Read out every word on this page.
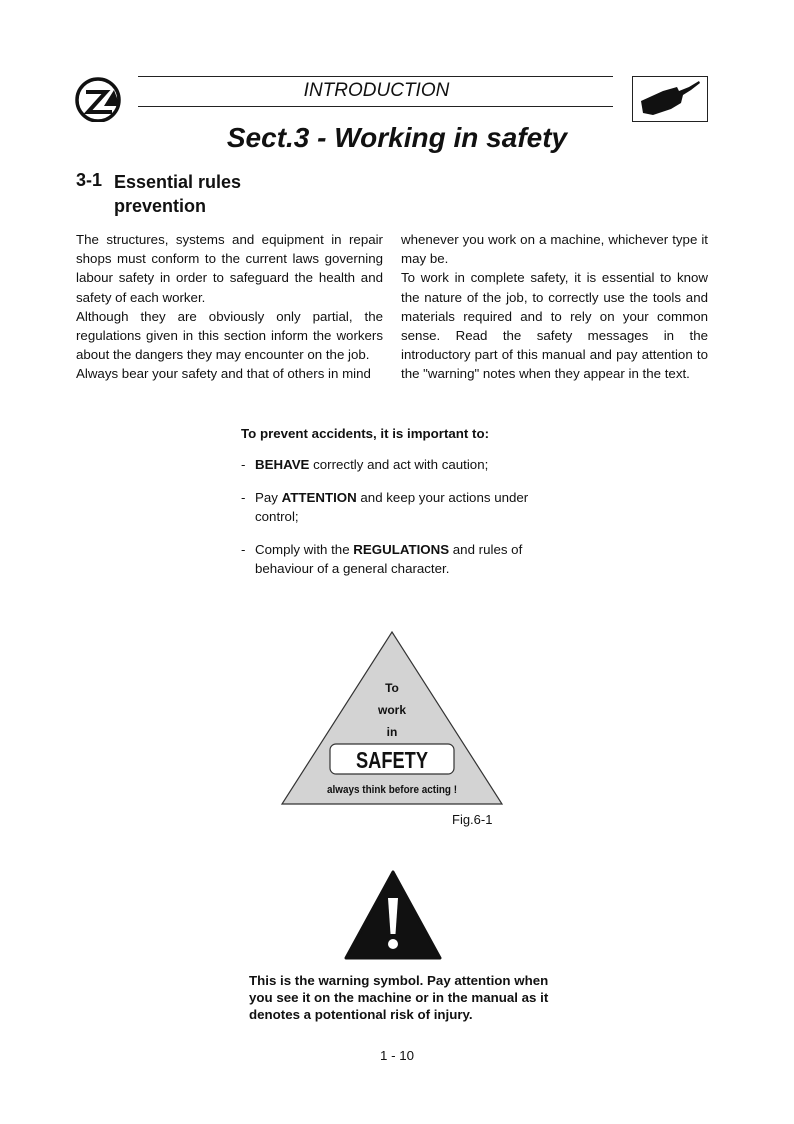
INTRODUCTION
Sect.3 - Working in safety
3-1 Essential rules
prevention

The structures, systems and equipment in repair shops must conform to the current laws governing labour safety in order to safeguard the health and safety of each worker.

Although they are obviously only partial, the regulations given in this section inform the workers about the dangers they may encounter on the job.

Always bear your safety and that of others in mind

whenever you work on a machine, whichever type it may be.

To work in complete safety, it is essential to know the nature of the job, to correctly use the tools and materials required and to rely on your common sense. Read the safety messages in the introductory part of this manual and pay attention to the "warning" notes when they appear in the text.

To prevent accidents, it is important to:

- BEHAVE correctly and act with caution;
- Pay ATTENTION and keep your actions under control;
- Comply with the REGULATIONS and rules of behaviour of a general character.
To
work
in
SAFETY
always think before acting !
Fig.6-1
This is the warning symbol. Pay attention when you see it on the machine or in the manual as it denotes a potentional risk of injury.
1 - 10
